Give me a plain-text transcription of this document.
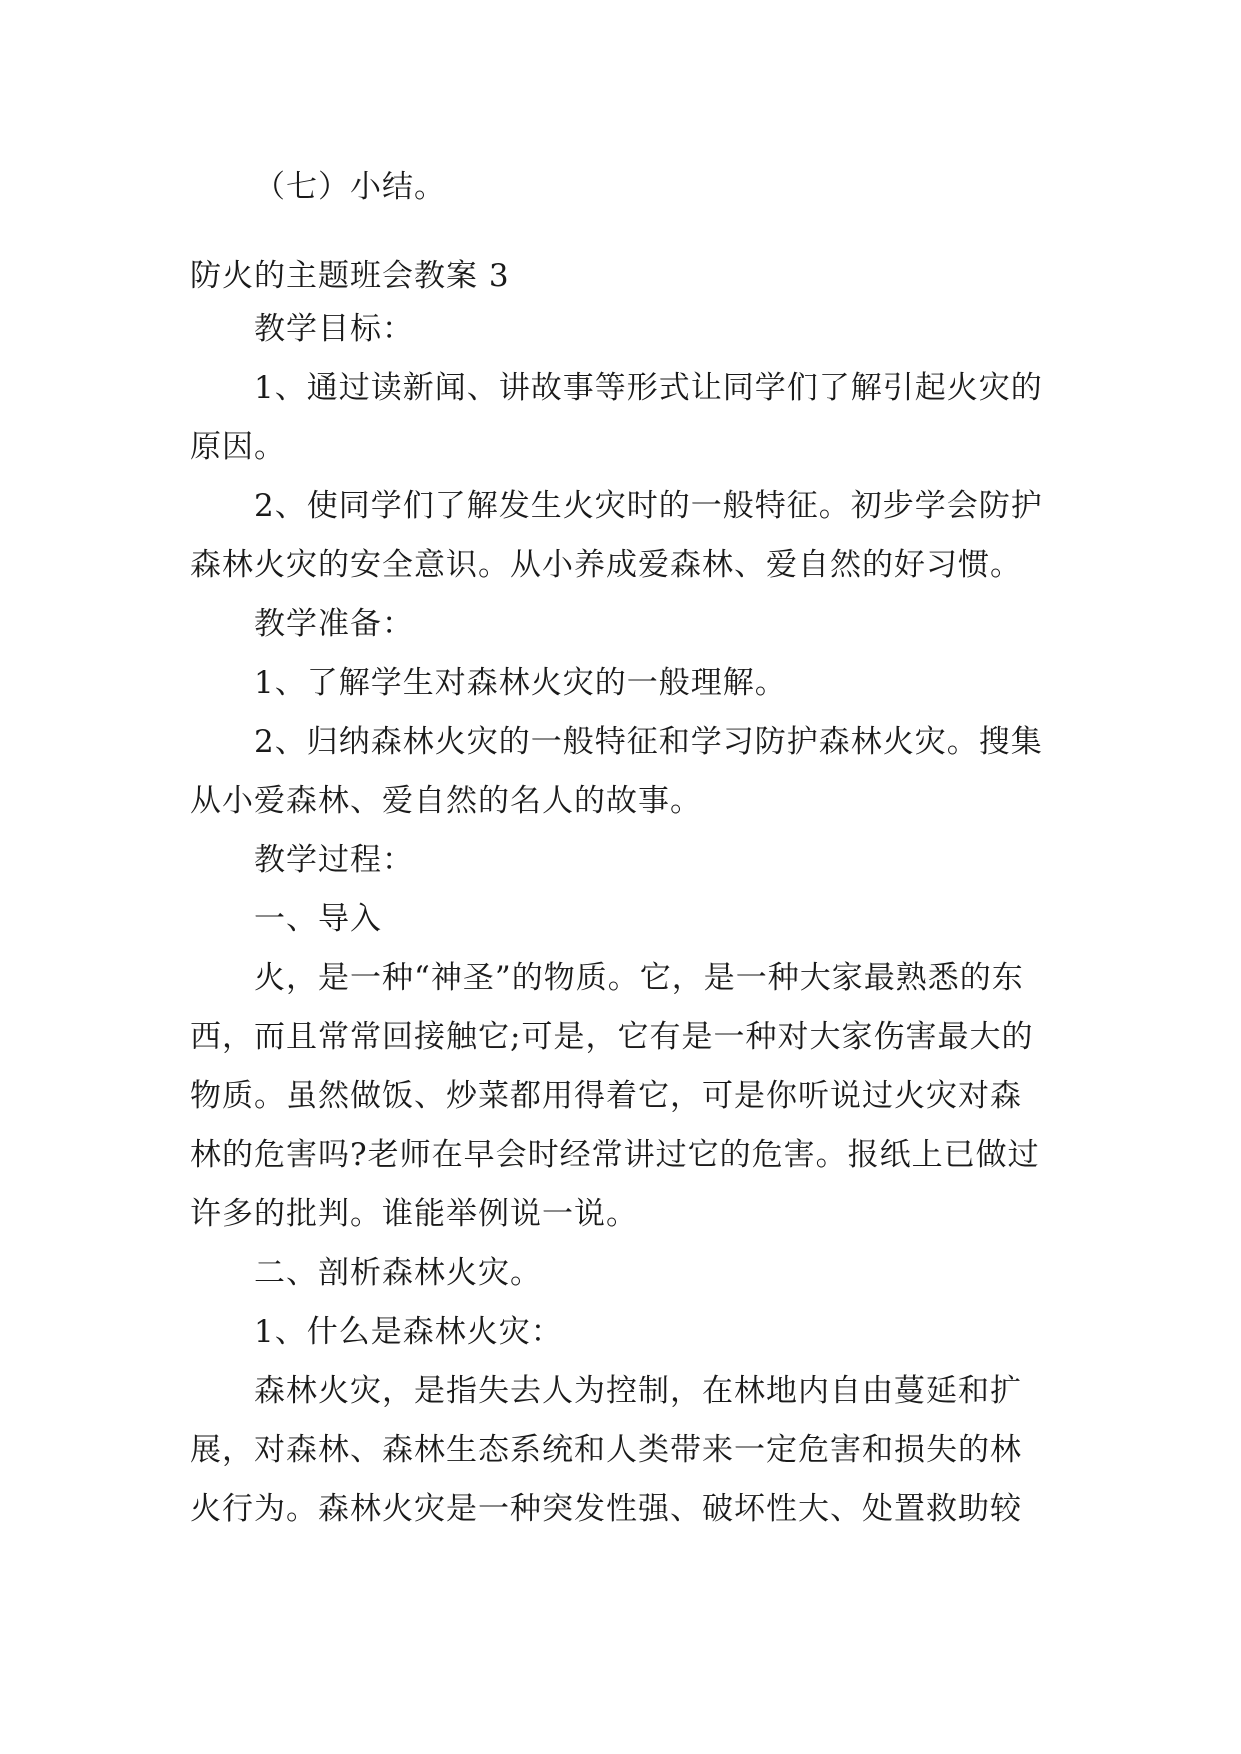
（七）小结。

防火的主题班会教案 3

教学目标：

1、通过读新闻、讲故事等形式让同学们了解引起火灾的原因。

2、使同学们了解发生火灾时的一般特征。初步学会防护森林火灾的安全意识。从小养成爱森林、爱自然的好习惯。

教学准备：

1、了解学生对森林火灾的一般理解。

2、归纳森林火灾的一般特征和学习防护森林火灾。搜集从小爱森林、爱自然的名人的故事。

教学过程：

一、导入

火，是一种“神圣”的物质。它，是一种大家最熟悉的东西，而且常常回接触它;可是，它有是一种对大家伤害最大的物质。虽然做饭、炒菜都用得着它，可是你听说过火灾对森林的危害吗?老师在早会时经常讲过它的危害。报纸上已做过许多的批判。谁能举例说一说。

二、剖析森林火灾。

1、什么是森林火灾：

森林火灾，是指失去人为控制，在林地内自由蔓延和扩展，对森林、森林生态系统和人类带来一定危害和损失的林火行为。森林火灾是一种突发性强、破坏性大、处置救助较
